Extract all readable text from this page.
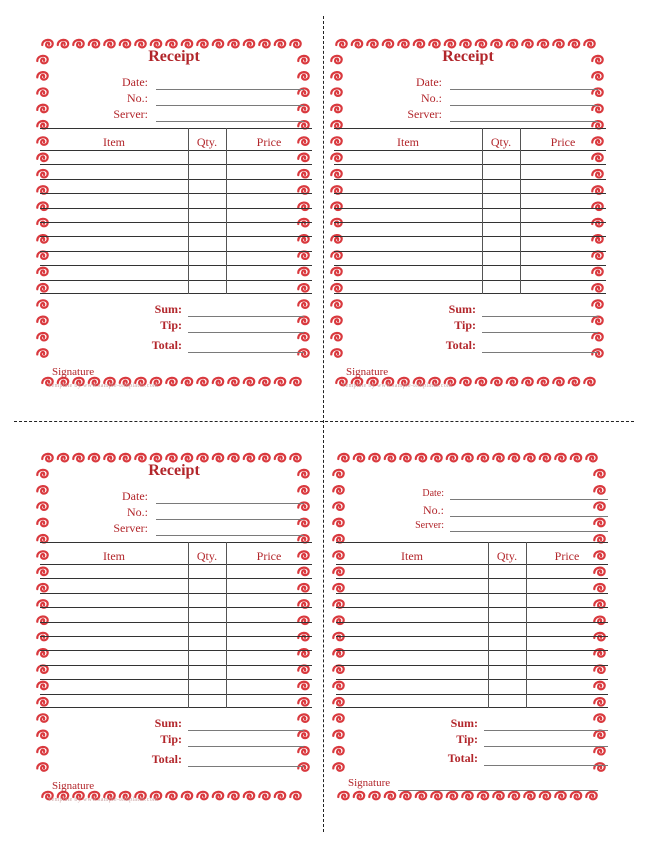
Receipt
Date:
No.:
Server:
Item	Qty.	Price
Sum:
Tip:
Total:
Signature
Template by www.sample-templates.com
Receipt
Date:
No.:
Server:
Item	Qty.	Price
Sum:
Tip:
Total:
Signature
Template by www.sample-templates.com
Receipt
Date:
No.:
Server:
Item	Qty.	Price
Sum:
Tip:
Total:
Signature
Template by www.sample-templates.com
Date:
No.:
Server:
Item	Qty.	Price
Sum:
Tip:
Total:
Signature
